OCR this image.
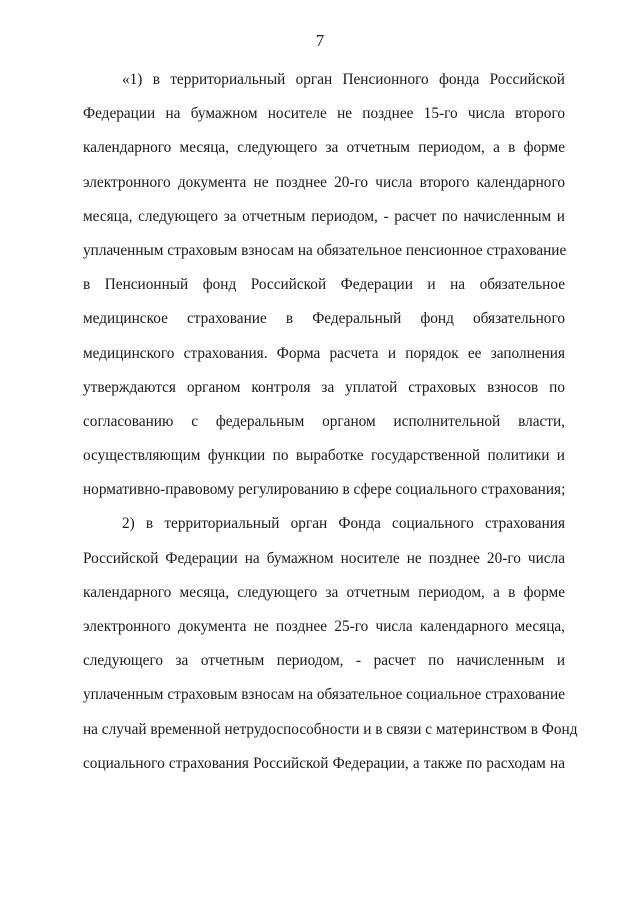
7
«1) в территориальный орган Пенсионного фонда Российской
Федерации на бумажном носителе не позднее 15-го числа второго
календарного месяца, следующего за отчетным периодом, а в форме
электронного документа не позднее 20-го числа второго календарного
месяца, следующего за отчетным периодом, - расчет по начисленным и
уплаченным страховым взносам на обязательное пенсионное страхование
в Пенсионный фонд Российской Федерации и на обязательное
медицинское страхование в Федеральный фонд обязательного
медицинского страхования. Форма расчета и порядок ее заполнения
утверждаются органом контроля за уплатой страховых взносов по
согласованию с федеральным органом исполнительной власти,
осуществляющим функции по выработке государственной политики и
нормативно-правовому регулированию в сфере социального страхования;
2) в территориальный орган Фонда социального страхования
Российской Федерации на бумажном носителе не позднее 20-го числа
календарного месяца, следующего за отчетным периодом, а в форме
электронного документа не позднее 25-го числа календарного месяца,
следующего за отчетным периодом, - расчет по начисленным и
уплаченным страховым взносам на обязательное социальное страхование
на случай временной нетрудоспособности и в связи с материнством в Фонд
социального страхования Российской Федерации, а также по расходам на
